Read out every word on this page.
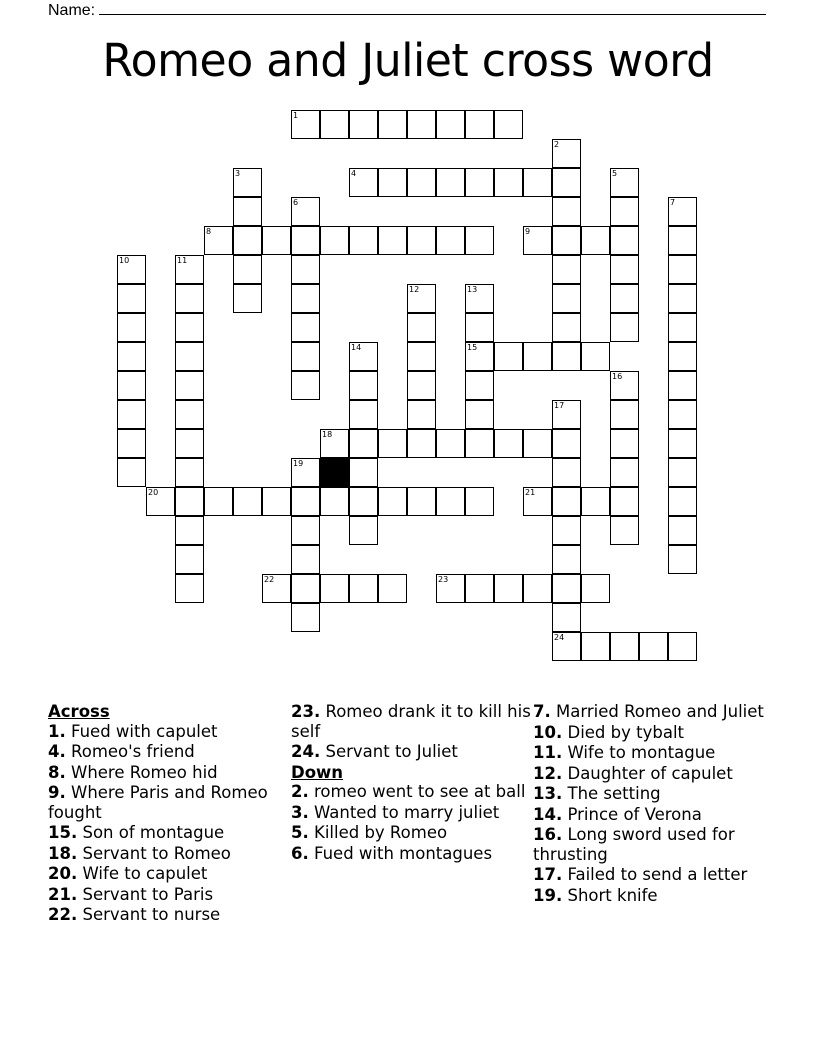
Name:
Romeo and Juliet cross word
1
2
3	4	5
6	7
8	9
10	11
12	13
15
14
16
17
24
18
19
20	21
22	23
Across
1. Fued with capulet
4. Romeo's friend
8. Where Romeo hid
9. Where Paris and Romeo fought
15. Son of montague
18. Servant to Romeo
20. Wife to capulet
21. Servant to Paris
22. Servant to nurse
23. Romeo drank it to kill his self
24. Servant to Juliet
Down
2. romeo went to see at ball
3. Wanted to marry juliet
5. Killed by Romeo
6. Fued with montagues
7. Married Romeo and Juliet
10. Died by tybalt
11. Wife to montague
12. Daughter of capulet
13. The setting
14. Prince of Verona
16. Long sword used for thrusting
17. Failed to send a letter
19. Short knife
